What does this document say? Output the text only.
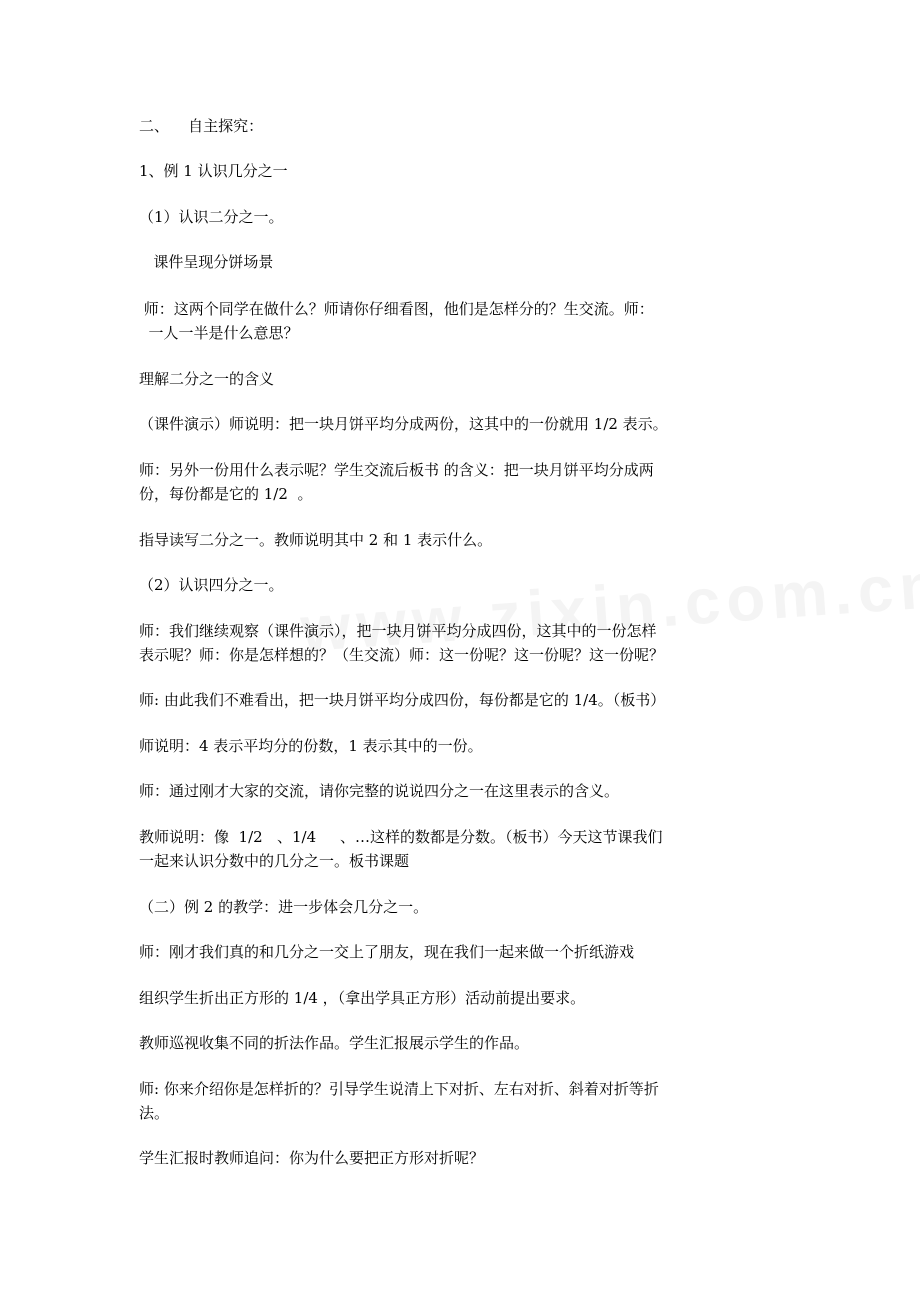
二、    自主探究：

1、例 1 认识几分之一

（1）认识二分之一。

课件呈现分饼场景

师：这两个同学在做什么？师请你仔细看图，他们是怎样分的？生交流。师：
一人一半是什么意思？

理解二分之一的含义

（课件演示）师说明：把一块月饼平均分成两份，这其中的一份就用 1/2 表示。

师：另外一份用什么表示呢？学生交流后板书 的含义：把一块月饼平均分成两
份，每份都是它的 1/2  。

指导读写二分之一。教师说明其中 2 和 1 表示什么。

（2）认识四分之一。

师：我们继续观察（课件演示），把一块月饼平均分成四份，这其中的一份怎样
表示呢？师：你是怎样想的？（生交流）师：这一份呢？这一份呢？这一份呢？

师: 由此我们不难看出，把一块月饼平均分成四份，每份都是它的 1/4。（板书）

师说明：4 表示平均分的份数，1 表示其中的一份。

师：通过刚才大家的交流，请你完整的说说四分之一在这里表示的含义。

教师说明：像  1/2   、1/4     、…这样的数都是分数。（板书）今天这节课我们
一起来认识分数中的几分之一。板书课题

（二）例 2 的教学：进一步体会几分之一。

师：刚才我们真的和几分之一交上了朋友，现在我们一起来做一个折纸游戏

组织学生折出正方形的 1/4 ，（拿出学具正方形）活动前提出要求。

教师巡视收集不同的折法作品。学生汇报展示学生的作品。

师: 你来介绍你是怎样折的？引导学生说清上下对折、左右对折、斜着对折等折
法。

学生汇报时教师追问：你为什么要把正方形对折呢？
